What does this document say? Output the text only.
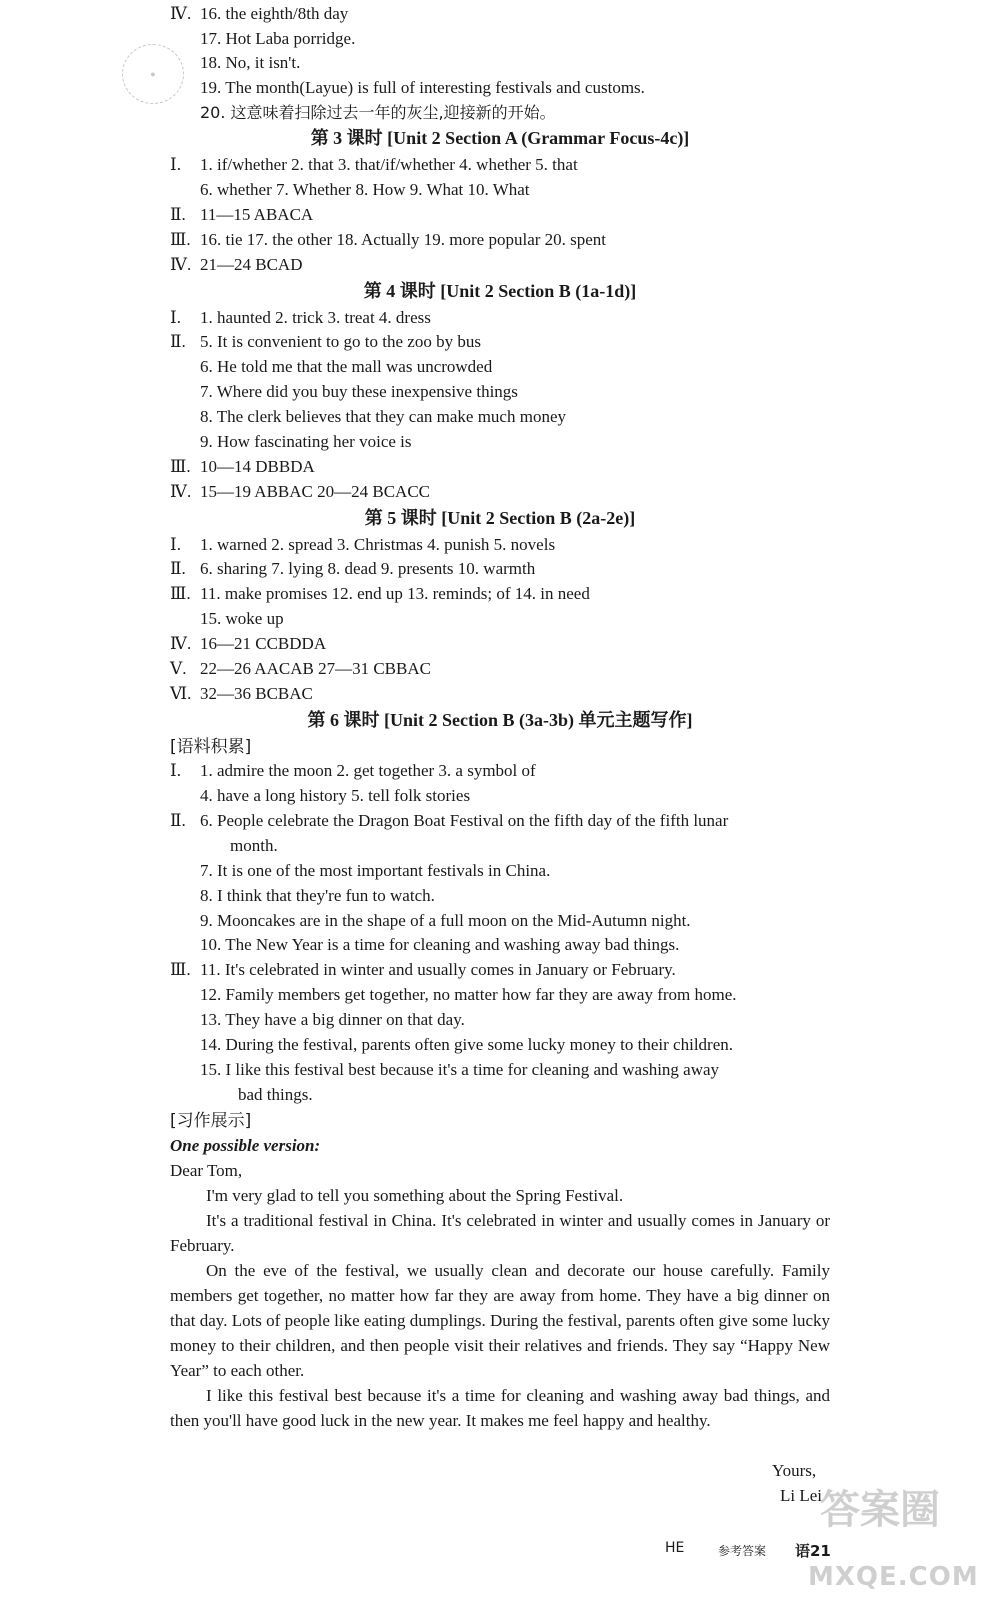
●
Ⅳ. 16. the eighth/8th day
17. Hot Laba porridge.
18. No, it isn't.
19. The month(Layue) is full of interesting festivals and customs.
20. 这意味着扫除过去一年的灰尘,迎接新的开始。
第 3 课时 [Unit 2 Section A (Grammar Focus-4c)]
Ⅰ. 1. if/whether 2. that 3. that/if/whether 4. whether 5. that
6. whether 7. Whether 8. How 9. What 10. What
Ⅱ. 11—15 ABACA
Ⅲ. 16. tie 17. the other 18. Actually 19. more popular 20. spent
Ⅳ. 21—24 BCAD
第 4 课时 [Unit 2 Section B (1a-1d)]
Ⅰ. 1. haunted 2. trick 3. treat 4. dress
Ⅱ. 5. It is convenient to go to the zoo by bus
6. He told me that the mall was uncrowded
7. Where did you buy these inexpensive things
8. The clerk believes that they can make much money
9. How fascinating her voice is
Ⅲ. 10—14 DBBDA
Ⅳ. 15—19 ABBAC 20—24 BCACC
第 5 课时 [Unit 2 Section B (2a-2e)]
Ⅰ. 1. warned 2. spread 3. Christmas 4. punish 5. novels
Ⅱ. 6. sharing 7. lying 8. dead 9. presents 10. warmth
Ⅲ. 11. make promises 12. end up 13. reminds; of 14. in need
15. woke up
Ⅳ. 16—21 CCBDDA
Ⅴ. 22—26 AACAB 27—31 CBBAC
Ⅵ. 32—36 BCBAC
第 6 课时 [Unit 2 Section B (3a-3b) 单元主题写作]
[语料积累]
Ⅰ. 1. admire the moon 2. get together 3. a symbol of
4. have a long history 5. tell folk stories
Ⅱ. 6. People celebrate the Dragon Boat Festival on the fifth day of the fifth lunar
month.
7. It is one of the most important festivals in China.
8. I think that they're fun to watch.
9. Mooncakes are in the shape of a full moon on the Mid-Autumn night.
10. The New Year is a time for cleaning and washing away bad things.
Ⅲ. 11. It's celebrated in winter and usually comes in January or February.
12. Family members get together, no matter how far they are away from home.
13. They have a big dinner on that day.
14. During the festival, parents often give some lucky money to their children.
15. I like this festival best because it's a time for cleaning and washing away
bad things.
[习作展示]
One possible version:
Dear Tom,
I'm very glad to tell you something about the Spring Festival.
It's a traditional festival in China. It's celebrated in winter and usually comes in January or February.
On the eve of the festival, we usually clean and decorate our house carefully. Family members get together, no matter how far they are away from home. They have a big dinner on that day. Lots of people like eating dumplings. During the festival, parents often give some lucky money to their children, and then people visit their relatives and friends. They say “Happy New Year” to each other.
I like this festival best because it's a time for cleaning and washing away bad things, and then you'll have good luck in the new year. It makes me feel happy and healthy.
Yours,
Li Lei
HE	参考答案 语21
答案圈
MXQE.COM
